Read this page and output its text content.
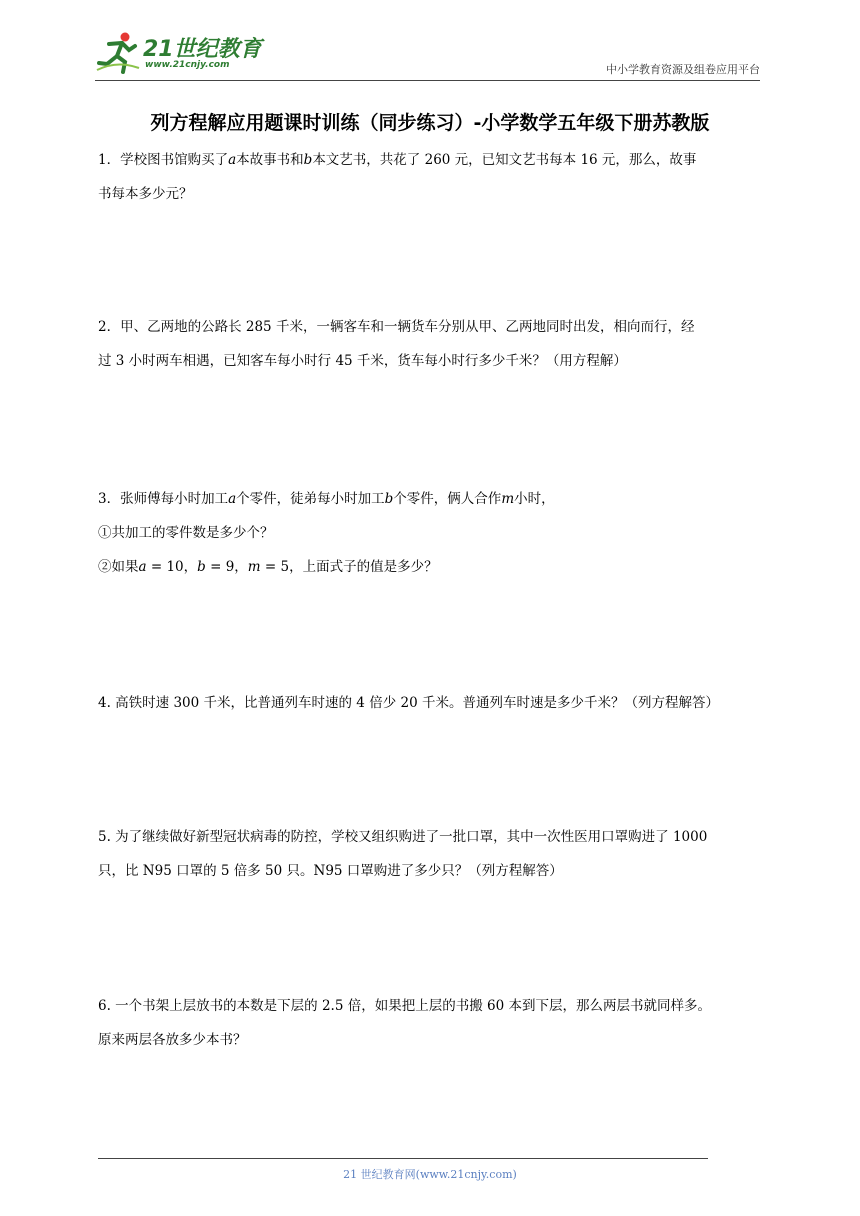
21世纪教育
www.21cnjy.com	中小学教育资源及组卷应用平台
列方程解应用题课时训练（同步练习）-小学数学五年级下册苏教版

1．学校图书馆购买了a本故事书和b本文艺书，共花了 260 元，已知文艺书每本 16 元，那么，故事

书每本多少元？

2．甲、乙两地的公路长 285 千米，一辆客车和一辆货车分别从甲、乙两地同时出发，相向而行，经

过 3 小时两车相遇，已知客车每小时行 45 千米，货车每小时行多少千米？（用方程解）

3．张师傅每小时加工a个零件，徒弟每小时加工b个零件，俩人合作m小时，

①共加工的零件数是多少个？

②如果a = 10，b = 9，m = 5，上面式子的值是多少？

4. 高铁时速 300 千米，比普通列车时速的 4 倍少 20 千米。普通列车时速是多少千米？（列方程解答）

5. 为了继续做好新型冠状病毒的防控，学校又组织购进了一批口罩，其中一次性医用口罩购进了 1000

只，比 N95 口罩的 5 倍多 50 只。N95 口罩购进了多少只？（列方程解答）

6. 一个书架上层放书的本数是下层的 2.5 倍，如果把上层的书搬 60 本到下层，那么两层书就同样多。

原来两层各放多少本书？

21 世纪教育网(www.21cnjy.com)
